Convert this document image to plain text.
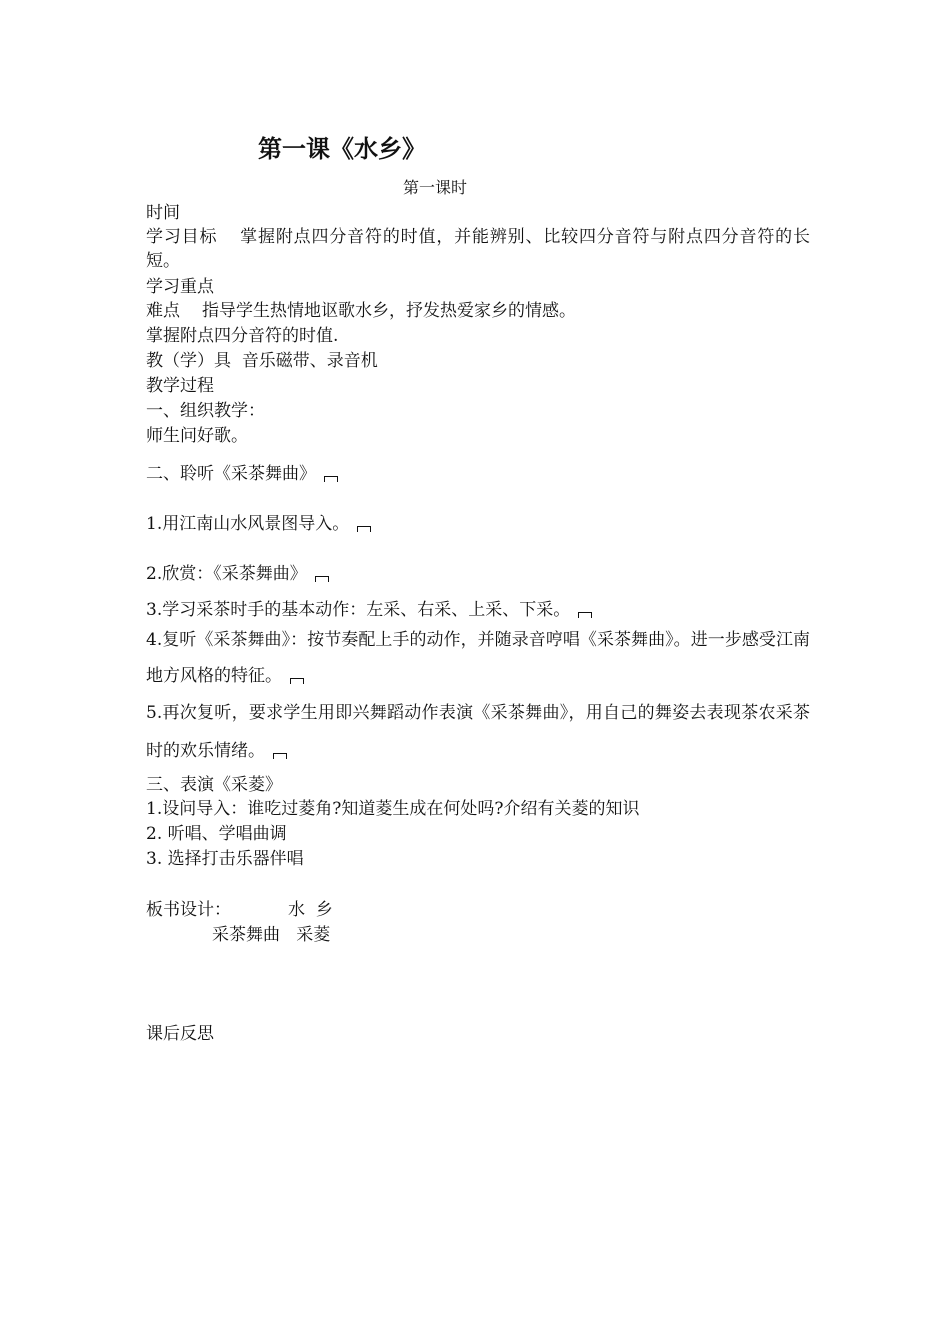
第一课《水乡》
第一课时
时间
学习目标 掌握附点四分音符的时值，并能辨别、比较四分音符与附点四分音符的长短。
学习重点
难点 指导学生热情地讴歌水乡，抒发热爱家乡的情感。
掌握附点四分音符的时值.
教（学）具 音乐磁带、录音机
教学过程
一、组织教学：
师生问好歌。
二、聆听《采茶舞曲》
1.用江南山水风景图导入。
2.欣赏：《采茶舞曲》
3.学习采茶时手的基本动作：左采、右采、上采、下采。
4.复听《采茶舞曲》：按节奏配上手的动作，并随录音哼唱《采茶舞曲》。进一步感受江南地方风格的特征。
5.再次复听，要求学生用即兴舞蹈动作表演《采茶舞曲》，用自己的舞姿去表现茶农采茶时的欢乐情绪。
三、表演《采菱》
1.设问导入：谁吃过菱角?知道菱生成在何处吗?介绍有关菱的知识
2. 听唱、学唱曲调
3. 选择打击乐器伴唱
板书设计：	水  乡
采茶舞曲   采菱
课后反思
